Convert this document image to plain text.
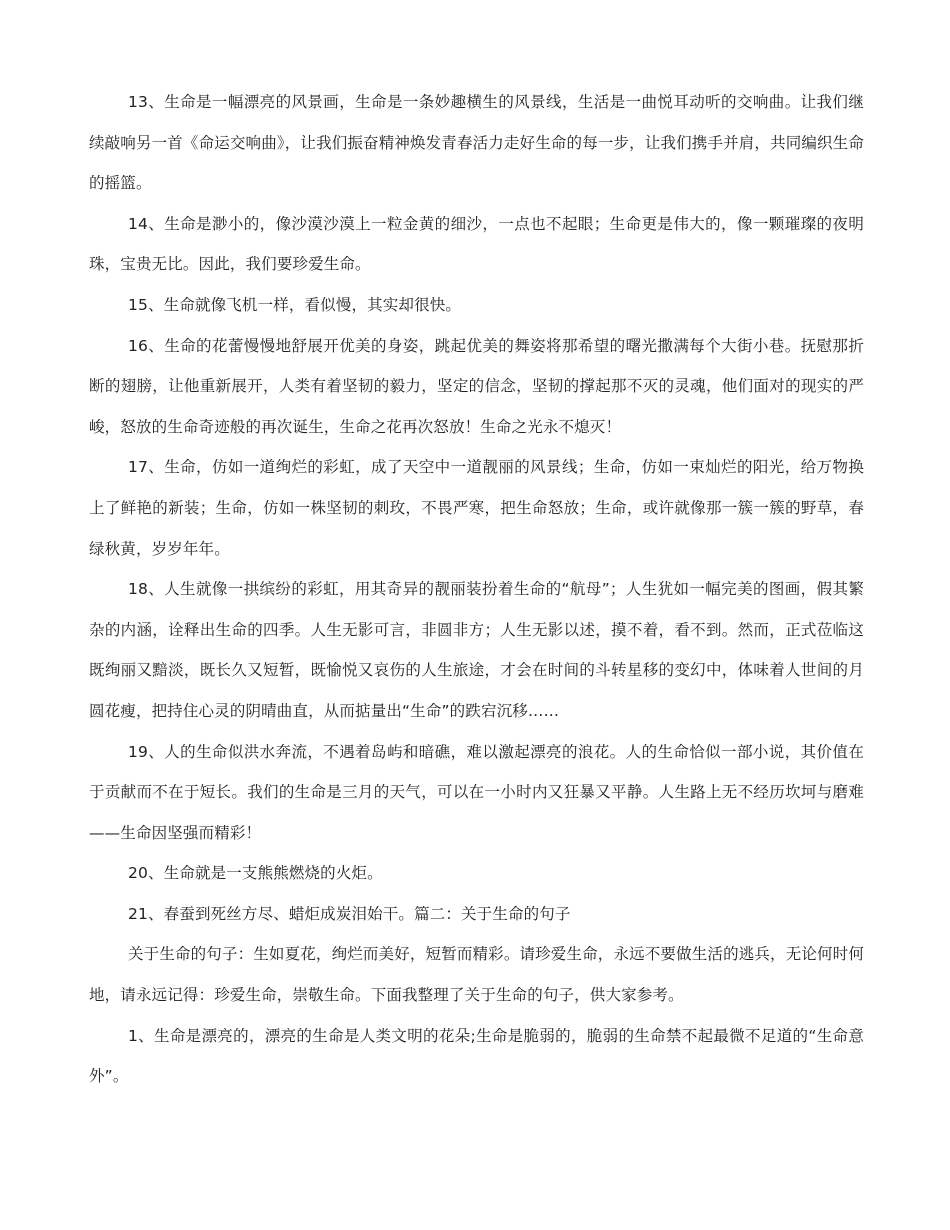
13、生命是一幅漂亮的风景画，生命是一条妙趣横生的风景线，生活是一曲悦耳动听的交响曲。让我们继续敲响另一首《命运交响曲》，让我们振奋精神焕发青春活力走好生命的每一步，让我们携手并肩，共同编织生命的摇篮。

14、生命是渺小的，像沙漠沙漠上一粒金黄的细沙，一点也不起眼；生命更是伟大的，像一颗璀璨的夜明珠，宝贵无比。因此，我们要珍爱生命。

15、生命就像飞机一样，看似慢，其实却很快。

16、生命的花蕾慢慢地舒展开优美的身姿，跳起优美的舞姿将那希望的曙光撒满每个大街小巷。抚慰那折断的翅膀，让他重新展开，人类有着坚韧的毅力，坚定的信念，坚韧的撑起那不灭的灵魂，他们面对的现实的严峻，怒放的生命奇迹般的再次诞生，生命之花再次怒放！生命之光永不熄灭！

17、生命，仿如一道绚烂的彩虹，成了天空中一道靓丽的风景线；生命，仿如一束灿烂的阳光，给万物换上了鲜艳的新装；生命，仿如一株坚韧的刺玫，不畏严寒，把生命怒放；生命，或许就像那一簇一簇的野草，春绿秋黄，岁岁年年。

18、人生就像一拱缤纷的彩虹，用其奇异的靓丽装扮着生命的“航母”；人生犹如一幅完美的图画，假其繁杂的内涵，诠释出生命的四季。人生无影可言，非圆非方；人生无影以述，摸不着，看不到。然而，正式莅临这既绚丽又黯淡，既长久又短暂，既愉悦又哀伤的人生旅途，才会在时间的斗转星移的变幻中，体味着人世间的月圆花瘦，把持住心灵的阴晴曲直，从而掂量出“生命”的跌宕沉移……

19、人的生命似洪水奔流，不遇着岛屿和暗礁，难以激起漂亮的浪花。人的生命恰似一部小说，其价值在于贡献而不在于短长。我们的生命是三月的天气，可以在一小时内又狂暴又平静。人生路上无不经历坎坷与磨难——生命因坚强而精彩！

20、生命就是一支熊熊燃烧的火炬。

21、春蚕到死丝方尽、蜡炬成炭泪始干。篇二：关于生命的句子

关于生命的句子：生如夏花，绚烂而美好，短暂而精彩。请珍爱生命，永远不要做生活的逃兵，无论何时何地，请永远记得：珍爱生命，崇敬生命。下面我整理了关于生命的句子，供大家参考。

1、生命是漂亮的，漂亮的生命是人类文明的花朵;生命是脆弱的，脆弱的生命禁不起最微不足道的“生命意外”。
